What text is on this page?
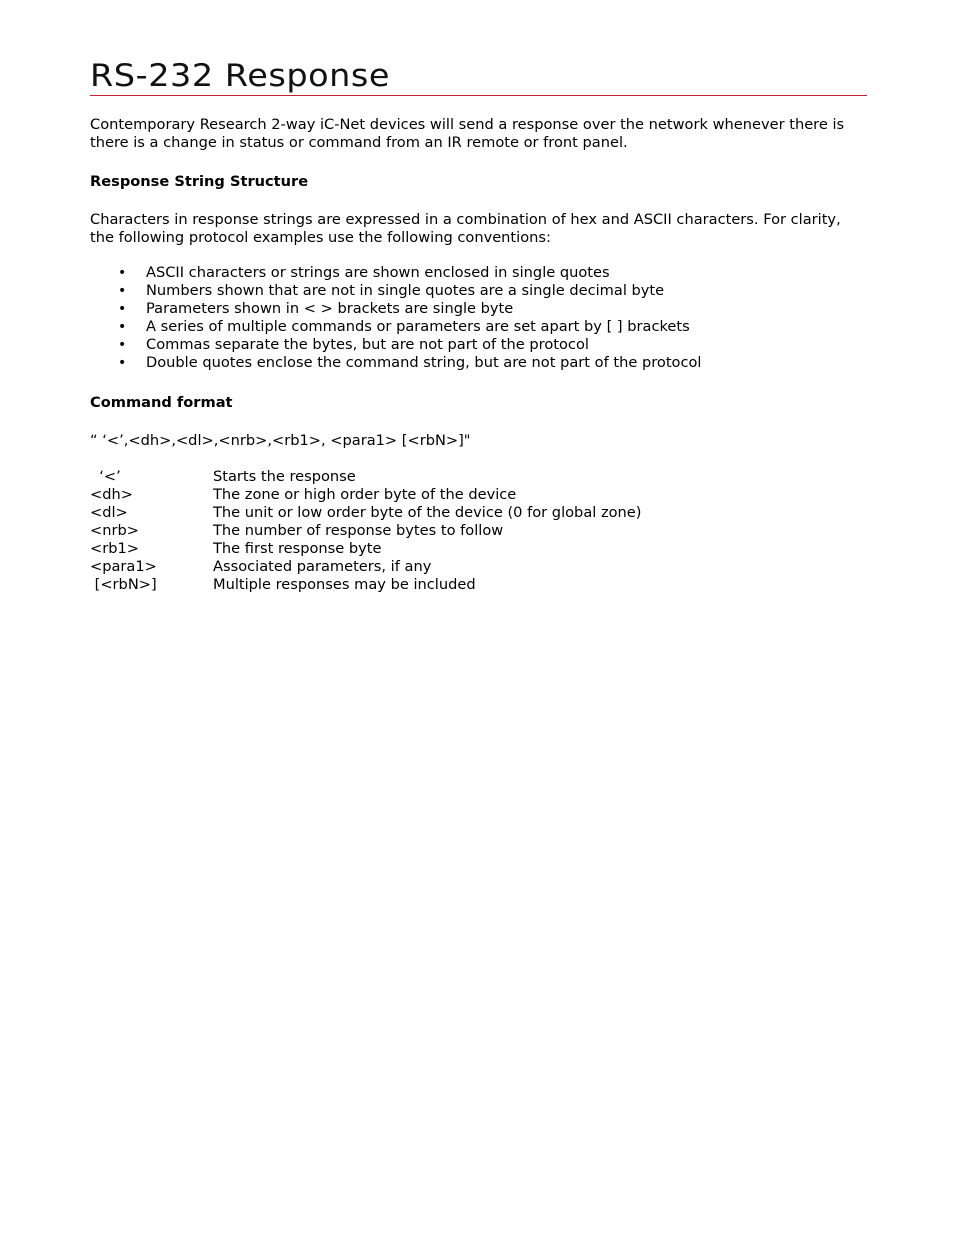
RS-232 Response

Contemporary Research 2-way iC-Net devices will send a response over the network whenever there is there is a change in status or command from an IR remote or front panel.

Response String Structure

Characters in response strings are expressed in a combination of hex and ASCII characters. For clarity, the following protocol examples use the following conventions:

• ASCII characters or strings are shown enclosed in single quotes
• Numbers shown that are not in single quotes are a single decimal byte
• Parameters shown in < > brackets are single byte
• A series of multiple commands or parameters are set apart by [ ] brackets
• Commas separate the bytes, but are not part of the protocol
• Double quotes enclose the command string, but are not part of the protocol
Command format
“ ‘<’,<dh>,<dl>,<nrb>,<rb1>, <para1> [<rbN>]"
‘<’	Starts the response
<dh>	The zone or high order byte of the device
<dl>	The unit or low order byte of the device (0 for global zone)
<nrb>	The number of response bytes to follow
<rb1>	The first response byte
<para1>	Associated parameters, if any
[<rbN>]	Multiple responses may be included
